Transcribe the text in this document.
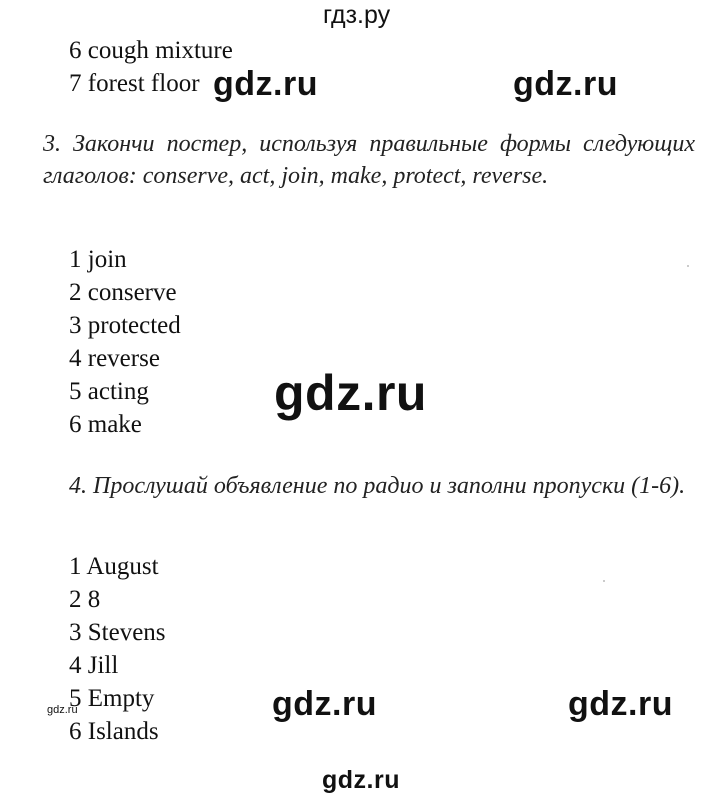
гдз.ру
6 cough mixture
7 forest floor gdz.ru	gdz.ru
3. Закончи постер, используя правильные формы следующих глаголов: conserve, act, join, make, protect, reverse.
1 join
2 conserve
3 protected
4 reverse
5 acting
6 make
gdz.ru
4. Прослушай объявление по радио и заполни пропуски (1-6).
1 August
2 8
3 Stevens
4 Jill
5 Empty
6 Islands
gdz.ru	gdz.ru	gdz.ru
gdz.ru
